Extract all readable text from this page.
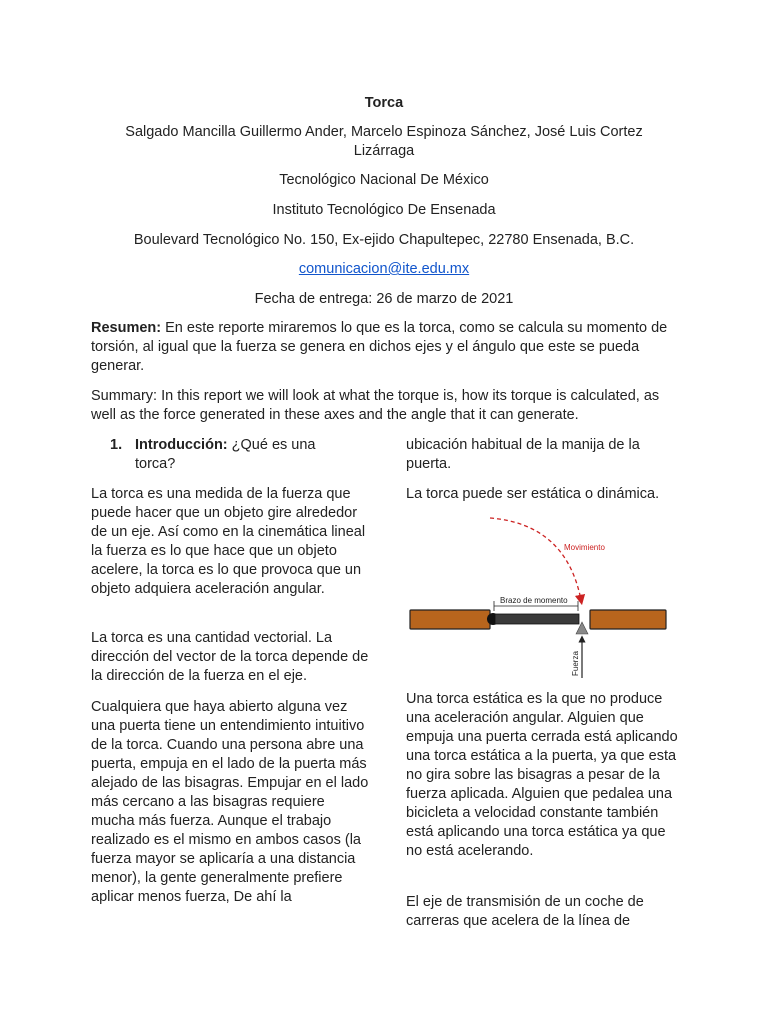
Torca
Salgado Mancilla Guillermo Ander, Marcelo Espinoza Sánchez, José Luis Cortez Lizárraga
Tecnológico Nacional De México
Instituto Tecnológico De Ensenada
Boulevard Tecnológico No. 150, Ex-ejido Chapultepec, 22780 Ensenada, B.C.
comunicacion@ite.edu.mx
Fecha de entrega: 26 de marzo de 2021
Resumen: En este reporte miraremos lo que es la torca, como se calcula su momento de torsión, al igual que la fuerza se genera en dichos ejes y el ángulo que este se pueda generar.
Summary: In this report we will look at what the torque is, how its torque is calculated, as well as the force generated in these axes and the angle that it can generate.
1. Introducción: ¿Qué es una torca?
La torca es una medida de la fuerza que puede hacer que un objeto gire alrededor de un eje. Así como en la cinemática lineal la fuerza es lo que hace que un objeto acelere, la torca es lo que provoca que un objeto adquiera aceleración angular.
La torca es una cantidad vectorial. La dirección del vector de la torca depende de la dirección de la fuerza en el eje.
Cualquiera que haya abierto alguna vez una puerta tiene un entendimiento intuitivo de la torca. Cuando una persona abre una puerta, empuja en el lado de la puerta más alejado de las bisagras. Empujar en el lado más cercano a las bisagras requiere mucha más fuerza. Aunque el trabajo realizado es el mismo en ambos casos (la fuerza mayor se aplicaría a una distancia menor), la gente generalmente prefiere aplicar menos fuerza, De ahí la
ubicación habitual de la manija de la puerta.
La torca puede ser estática o dinámica.
Movimiento
Brazo de momento
Fuerza
Una torca estática es la que no produce una aceleración angular. Alguien que empuja una puerta cerrada está aplicando una torca estática a la puerta, ya que esta no gira sobre las bisagras a pesar de la fuerza aplicada. Alguien que pedalea una bicicleta a velocidad constante también está aplicando una torca estática ya que no está acelerando.
El eje de transmisión de un coche de carreras que acelera de la línea de
